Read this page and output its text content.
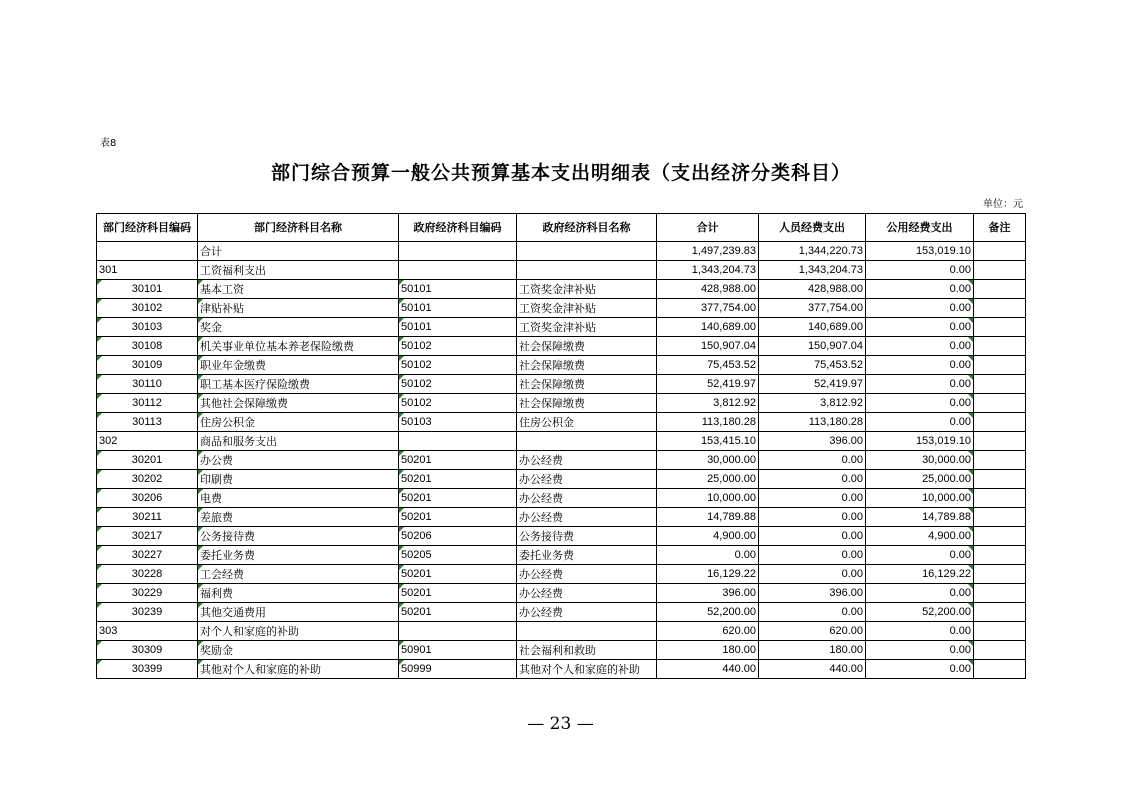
表8
部门综合预算一般公共预算基本支出明细表（支出经济分类科目）
单位：元
部门经济科目编码	部门经济科目名称	政府经济科目编码	政府经济科目名称	合计	人员经费支出	公用经费支出	备注
	合计			1,497,239.83	1,344,220.73	153,019.10	
301	工资福利支出			1,343,204.73	1,343,204.73	0.00	
30101	基本工资	50101	工资奖金津补贴	428,988.00	428,988.00	0.00	
30102	津贴补贴	50101	工资奖金津补贴	377,754.00	377,754.00	0.00	
30103	奖金	50101	工资奖金津补贴	140,689.00	140,689.00	0.00	
30108	机关事业单位基本养老保险缴费	50102	社会保障缴费	150,907.04	150,907.04	0.00	
30109	职业年金缴费	50102	社会保障缴费	75,453.52	75,453.52	0.00	
30110	职工基本医疗保险缴费	50102	社会保障缴费	52,419.97	52,419.97	0.00	
30112	其他社会保障缴费	50102	社会保障缴费	3,812.92	3,812.92	0.00	
30113	住房公积金	50103	住房公积金	113,180.28	113,180.28	0.00	
302	商品和服务支出			153,415.10	396.00	153,019.10	
30201	办公费	50201	办公经费	30,000.00	0.00	30,000.00	
30202	印刷费	50201	办公经费	25,000.00	0.00	25,000.00	
30206	电费	50201	办公经费	10,000.00	0.00	10,000.00	
30211	差旅费	50201	办公经费	14,789.88	0.00	14,789.88	
30217	公务接待费	50206	公务接待费	4,900.00	0.00	4,900.00	
30227	委托业务费	50205	委托业务费	0.00	0.00	0.00	
30228	工会经费	50201	办公经费	16,129.22	0.00	16,129.22	
30229	福利费	50201	办公经费	396.00	396.00	0.00	
30239	其他交通费用	50201	办公经费	52,200.00	0.00	52,200.00	
303	对个人和家庭的补助			620.00	620.00	0.00	
30309	奖励金	50901	社会福利和救助	180.00	180.00	0.00	
30399	其他对个人和家庭的补助	50999	其他对个人和家庭的补助	440.00	440.00	0.00	
— 23 —
